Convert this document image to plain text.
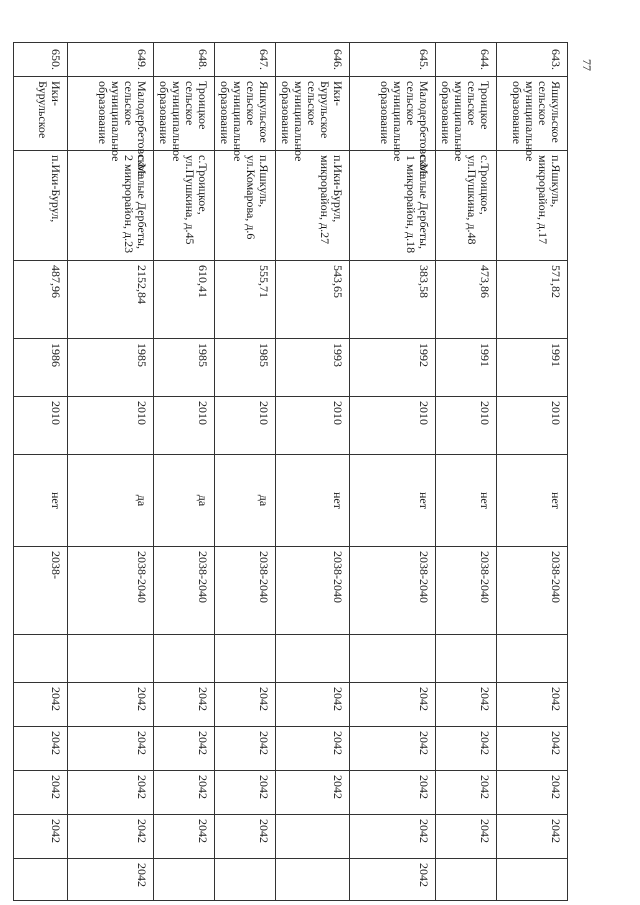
77
643.	Яшкульское сельское муниципальное образование	п.Яшкуль, микрорайон, д.17	571,82	1991	2010	нет	2038-2040		2042	2042	2042	2042	
644.	Троицкое сельское муниципальное образование	с.Троицкое, ул.Пушкина, д.48	473,86	1991	2010	нет	2038-2040		2042	2042	2042	2042	
645.	Малодербетовское сельское муниципальное образование	с.Малые Дербеты, 1 микрорайон, д.18	383,58	1992	2010	нет	2038-2040		2042	2042	2042	2042	2042
646.	Ики-Бурульское сельское муниципальное образование	п.Ики-Бурул, микрорайон, д.27	543,65	1993	2010	нет	2038-2040		2042	2042	2042		
647.	Яшкульское сельское муниципальное образование	п.Яшкуль, ул.Комарова, д.6	555,71	1985	2010	да	2038-2040		2042	2042	2042	2042	
648.	Троицкое сельское муниципальное образование	с.Троицкое, ул.Пушкина, д.45	610,41	1985	2010	да	2038-2040		2042	2042	2042	2042	
649.	Малодербетовское сельское муниципальное образование	с.Малые Дербеты, 2 микрорайон, д.23	2152,84	1985	2010	да	2038-2040		2042	2042	2042	2042	2042
650.	Ики-Бурульское	п.Ики-Бурул,	487,96	1986	2010	нет	2038-		2042	2042	2042	2042	
